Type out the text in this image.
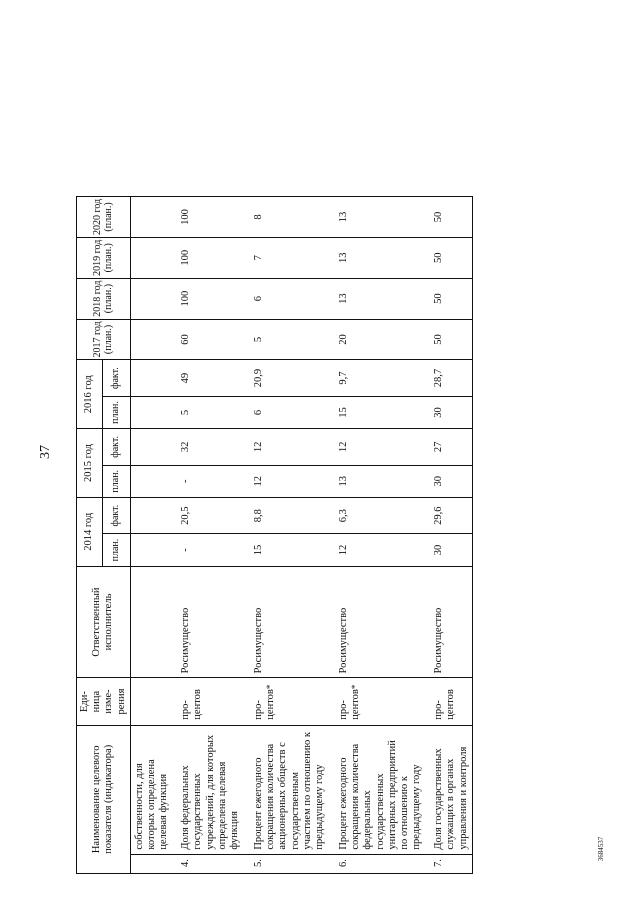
37
3684537
Наименование целевого показателя (индикатора)		Еди-ница изме-рения	Ответственный исполнитель	2014 год		2015 год		2016 год		2017 год (план.)	2018 год (план.)	2019 год (план.)	2020 год (план.)	
				план.	факт.	план.	факт.	план.	факт.					
	собственности, для которых определена целевая функция													
4.	Доля федеральных государственных учреждений, для которых определена целевая функция	про-центов	Росимущество	-	20,5	-	32	5	49	60	100	100	100	
5.	Процент ежегодного сокращения количества акционерных обществ с государственным участием по отношению к предыдущему году	про-центов*	Росимущество	15	8,8	12	12	6	20,9	5	6	7	8	
6.	Процент ежегодного сокращения количества федеральных государственных унитарных предприятий по отношению к предыдущему году	про-центов*	Росимущество	12	6,3	13	12	15	9,7	20	13	13	13	
7.	Доля государственных служащих в органах управления и контроля	про-центов	Росимущество	30	29,6	30	27	30	28,7	50	50	50	50	
